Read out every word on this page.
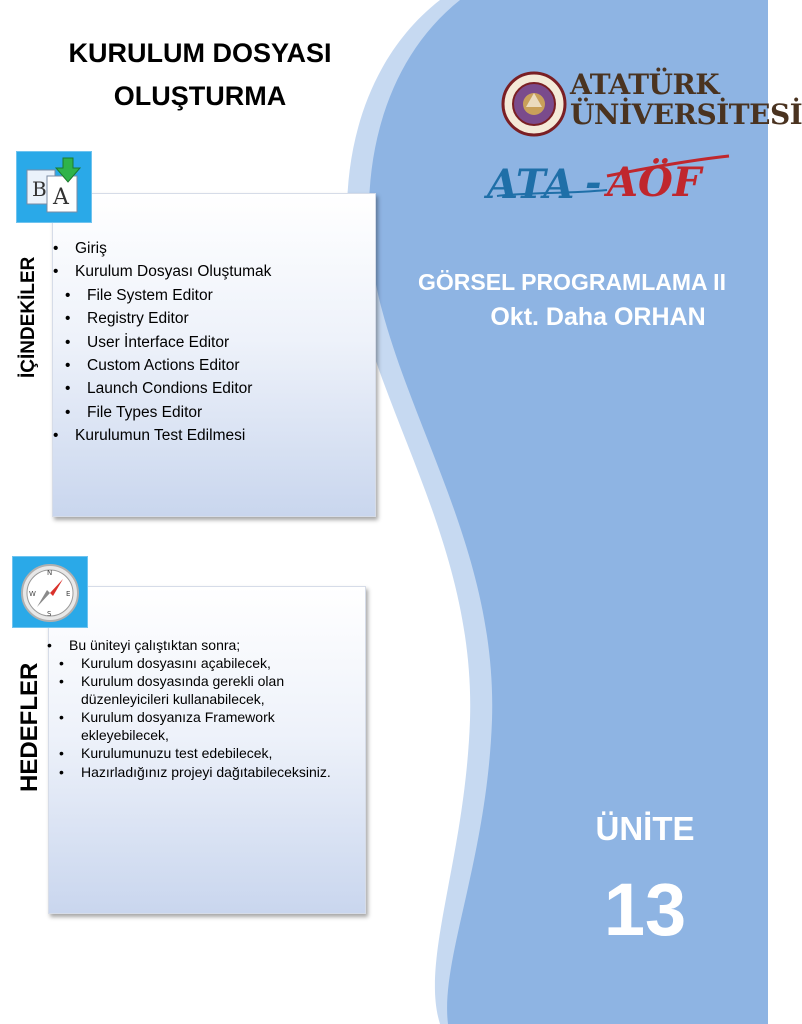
KURULUM DOSYASI
OLUŞTURMA
• Giriş
• Kurulum Dosyası Oluştumak
• File System Editor
• Registry Editor
• User İnterface Editor
• Custom Actions Editor
• Launch Condions Editor
• File Types Editor
• Kurulumun Test Edilmesi
B A
İÇİNDEKİLER
• Bu üniteyi çalıştıktan sonra;
• Kurulum dosyasını açabilecek,
• Kurulum dosyasında gerekli olan düzenleyicileri kullanabilecek,
• Kurulum dosyanıza Framework ekleyebilecek,
• Kurulumunuzu test edebilecek,
• Hazırladığınız projeyi dağıtabileceksiniz.
N
S
W	E
HEDEFLER
ATATÜRK
ÜNİVERSİTESİ
ATA - AÖF
GÖRSEL PROGRAMLAMA II
Okt. Daha ORHAN
ÜNİTE
13
